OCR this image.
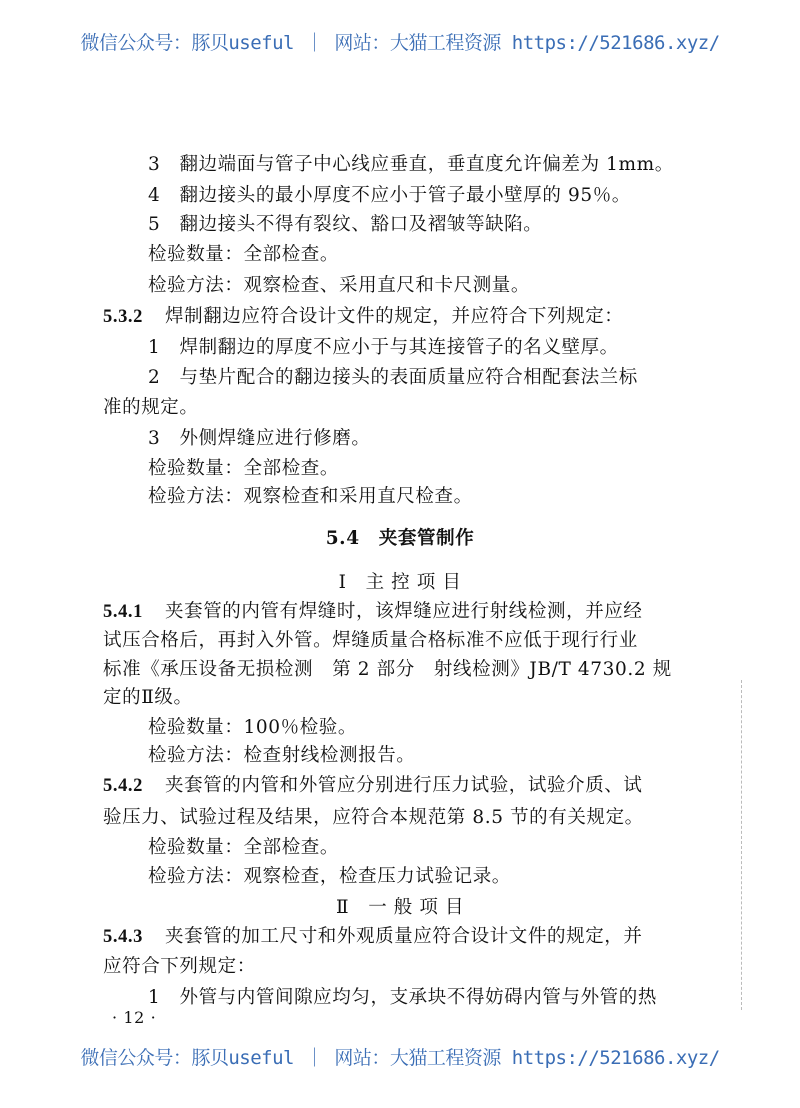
微信公众号：豚贝useful ｜ 网站：大猫工程资源 https://521686.xyz/
3　翻边端面与管子中心线应垂直，垂直度允许偏差为 1mm。
4　翻边接头的最小厚度不应小于管子最小壁厚的 95％。
5　翻边接头不得有裂纹、豁口及褶皱等缺陷。
检验数量：全部检查。
检验方法：观察检查、采用直尺和卡尺测量。
5.3.2 焊制翻边应符合设计文件的规定，并应符合下列规定：
1　焊制翻边的厚度不应小于与其连接管子的名义壁厚。
2　与垫片配合的翻边接头的表面质量应符合相配套法兰标
准的规定。
3　外侧焊缝应进行修磨。
检验数量：全部检查。
检验方法：观察检查和采用直尺检查。
5.4　夹套管制作
Ⅰ　主 控 项 目
5.4.1 夹套管的内管有焊缝时，该焊缝应进行射线检测，并应经
试压合格后，再封入外管。焊缝质量合格标准不应低于现行行业
标准《承压设备无损检测　第 2 部分　射线检测》JB/T 4730.2 规
定的Ⅱ级。
检验数量：100％检验。
检验方法：检查射线检测报告。
5.4.2 夹套管的内管和外管应分别进行压力试验，试验介质、试
验压力、试验过程及结果，应符合本规范第 8.5 节的有关规定。
检验数量：全部检查。
检验方法：观察检查，检查压力试验记录。
Ⅱ　一 般 项 目
5.4.3 夹套管的加工尺寸和外观质量应符合设计文件的规定，并
应符合下列规定：
1　外管与内管间隙应均匀，支承块不得妨碍内管与外管的热
· 12 ·
微信公众号：豚贝useful ｜ 网站：大猫工程资源 https://521686.xyz/
